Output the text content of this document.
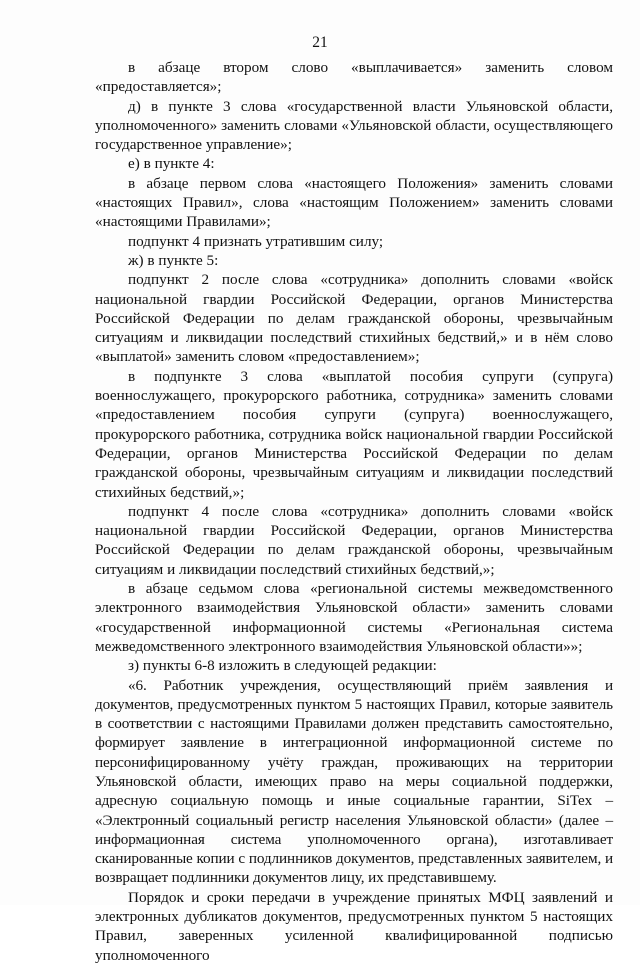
21

в абзаце втором слово «выплачивается» заменить словом «предоставляется»;

д) в пункте 3 слова «государственной власти Ульяновской области, уполномоченного» заменить словами «Ульяновской области, осуществляющего государственное управление»;

е) в пункте 4:

в абзаце первом слова «настоящего Положения» заменить словами «настоящих Правил», слова «настоящим Положением» заменить словами «настоящими Правилами»;

подпункт 4 признать утратившим силу;

ж) в пункте 5:

подпункт 2 после слова «сотрудника» дополнить словами «войск национальной гвардии Российской Федерации, органов Министерства Российской Федерации по делам гражданской обороны, чрезвычайным ситуациям и ликвидации последствий стихийных бедствий,» и в нём слово «выплатой» заменить словом «предоставлением»;

в подпункте 3 слова «выплатой пособия супруги (супруга) военнослужащего, прокурорского работника, сотрудника» заменить словами «предоставлением пособия супруги (супруга) военнослужащего, прокурорского работника, сотрудника войск национальной гвардии Российской Федерации, органов Министерства Российской Федерации по делам гражданской обороны, чрезвычайным ситуациям и ликвидации последствий стихийных бедствий,»;

подпункт 4 после слова «сотрудника» дополнить словами «войск национальной гвардии Российской Федерации, органов Министерства Российской Федерации по делам гражданской обороны, чрезвычайным ситуациям и ликвидации последствий стихийных бедствий,»;

в абзаце седьмом слова «региональной системы межведомственного электронного взаимодействия Ульяновской области» заменить словами «государственной информационной системы «Региональная система межведомственного электронного взаимодействия Ульяновской области»»;

з) пункты 6-8 изложить в следующей редакции:

«6. Работник учреждения, осуществляющий приём заявления и документов, предусмотренных пунктом 5 настоящих Правил, которые заявитель в соответствии с настоящими Правилами должен представить самостоятельно, формирует заявление в интеграционной информационной системе по персонифицированному учёту граждан, проживающих на территории Ульяновской области, имеющих право на меры социальной поддержки, адресную социальную помощь и иные социальные гарантии, SiTex – «Электронный социальный регистр населения Ульяновской области» (далее – информационная система уполномоченного органа), изготавливает сканированные копии с подлинников документов, представленных заявителем, и возвращает подлинники документов лицу, их представившему.

Порядок и сроки передачи в учреждение принятых МФЦ заявлений и электронных дубликатов документов, предусмотренных пунктом 5 настоящих Правил, заверенных усиленной квалифицированной подписью уполномоченного
